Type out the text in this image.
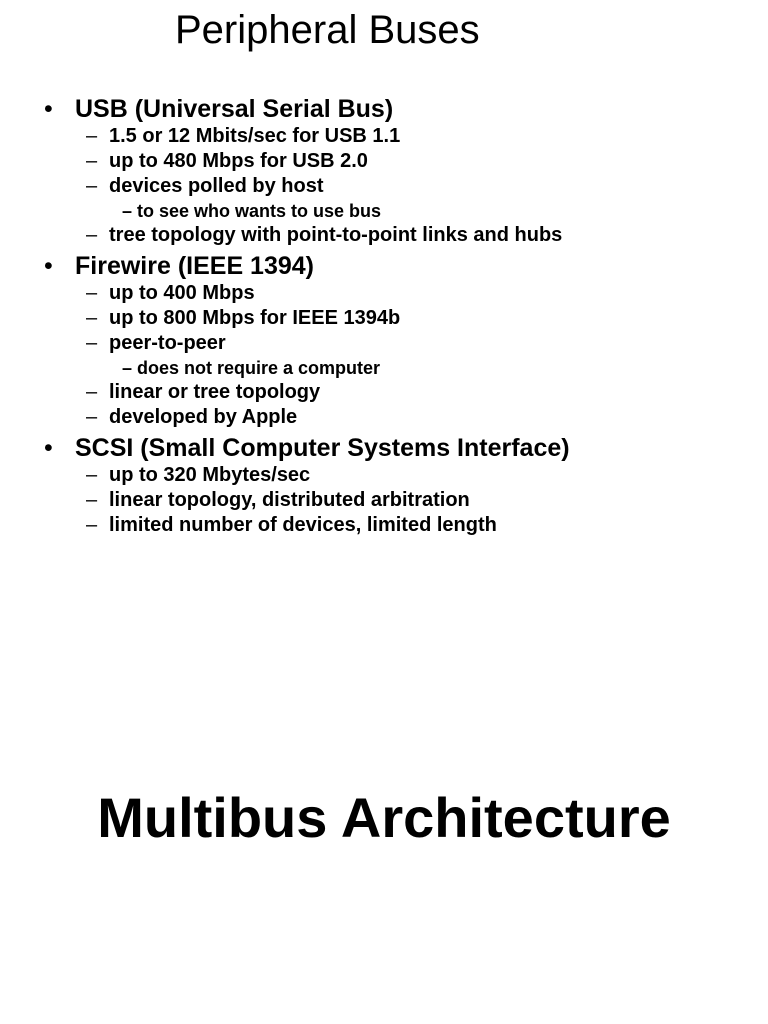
Peripheral Buses
• USB (Universal Serial Bus)
– 1.5 or 12 Mbits/sec for USB 1.1
– up to 480 Mbps for USB 2.0
– devices polled by host
– to see who wants to use bus
– tree topology with point-to-point links and hubs
• Firewire (IEEE 1394)
– up to 400 Mbps
– up to 800 Mbps for IEEE 1394b
– peer-to-peer
– does not require a computer
– linear or tree topology
– developed by Apple
• SCSI (Small Computer Systems Interface)
– up to 320 Mbytes/sec
– linear topology, distributed arbitration
– limited number of devices, limited length
Multibus Architecture
